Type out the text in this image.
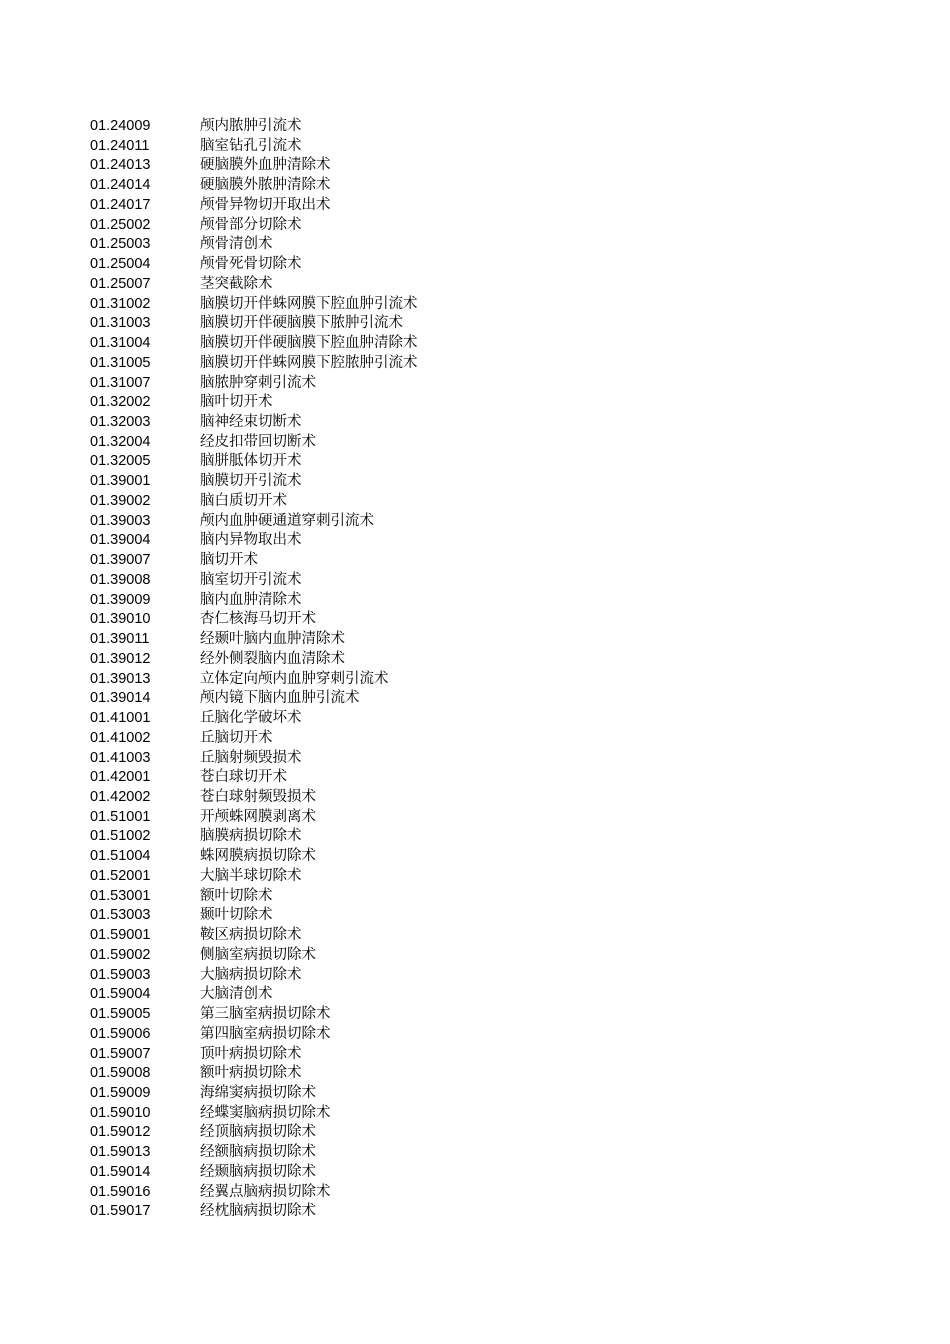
01.24009	颅内脓肿引流术
01.24011	脑室钻孔引流术
01.24013	硬脑膜外血肿清除术
01.24014	硬脑膜外脓肿清除术
01.24017	颅骨异物切开取出术
01.25002	颅骨部分切除术
01.25003	颅骨清创术
01.25004	颅骨死骨切除术
01.25007	茎突截除术
01.31002	脑膜切开伴蛛网膜下腔血肿引流术
01.31003	脑膜切开伴硬脑膜下脓肿引流术
01.31004	脑膜切开伴硬脑膜下腔血肿清除术
01.31005	脑膜切开伴蛛网膜下腔脓肿引流术
01.31007	脑脓肿穿刺引流术
01.32002	脑叶切开术
01.32003	脑神经束切断术
01.32004	经皮扣带回切断术
01.32005	脑胼胝体切开术
01.39001	脑膜切开引流术
01.39002	脑白质切开术
01.39003	颅内血肿硬通道穿刺引流术
01.39004	脑内异物取出术
01.39007	脑切开术
01.39008	脑室切开引流术
01.39009	脑内血肿清除术
01.39010	杏仁核海马切开术
01.39011	经颞叶脑内血肿清除术
01.39012	经外侧裂脑内血清除术
01.39013	立体定向颅内血肿穿刺引流术
01.39014	颅内镜下脑内血肿引流术
01.41001	丘脑化学破坏术
01.41002	丘脑切开术
01.41003	丘脑射频毁损术
01.42001	苍白球切开术
01.42002	苍白球射频毁损术
01.51001	开颅蛛网膜剥离术
01.51002	脑膜病损切除术
01.51004	蛛网膜病损切除术
01.52001	大脑半球切除术
01.53001	额叶切除术
01.53003	颞叶切除术
01.59001	鞍区病损切除术
01.59002	侧脑室病损切除术
01.59003	大脑病损切除术
01.59004	大脑清创术
01.59005	第三脑室病损切除术
01.59006	第四脑室病损切除术
01.59007	顶叶病损切除术
01.59008	额叶病损切除术
01.59009	海绵窦病损切除术
01.59010	经蝶窦脑病损切除术
01.59012	经顶脑病损切除术
01.59013	经额脑病损切除术
01.59014	经颞脑病损切除术
01.59016	经翼点脑病损切除术
01.59017	经枕脑病损切除术
